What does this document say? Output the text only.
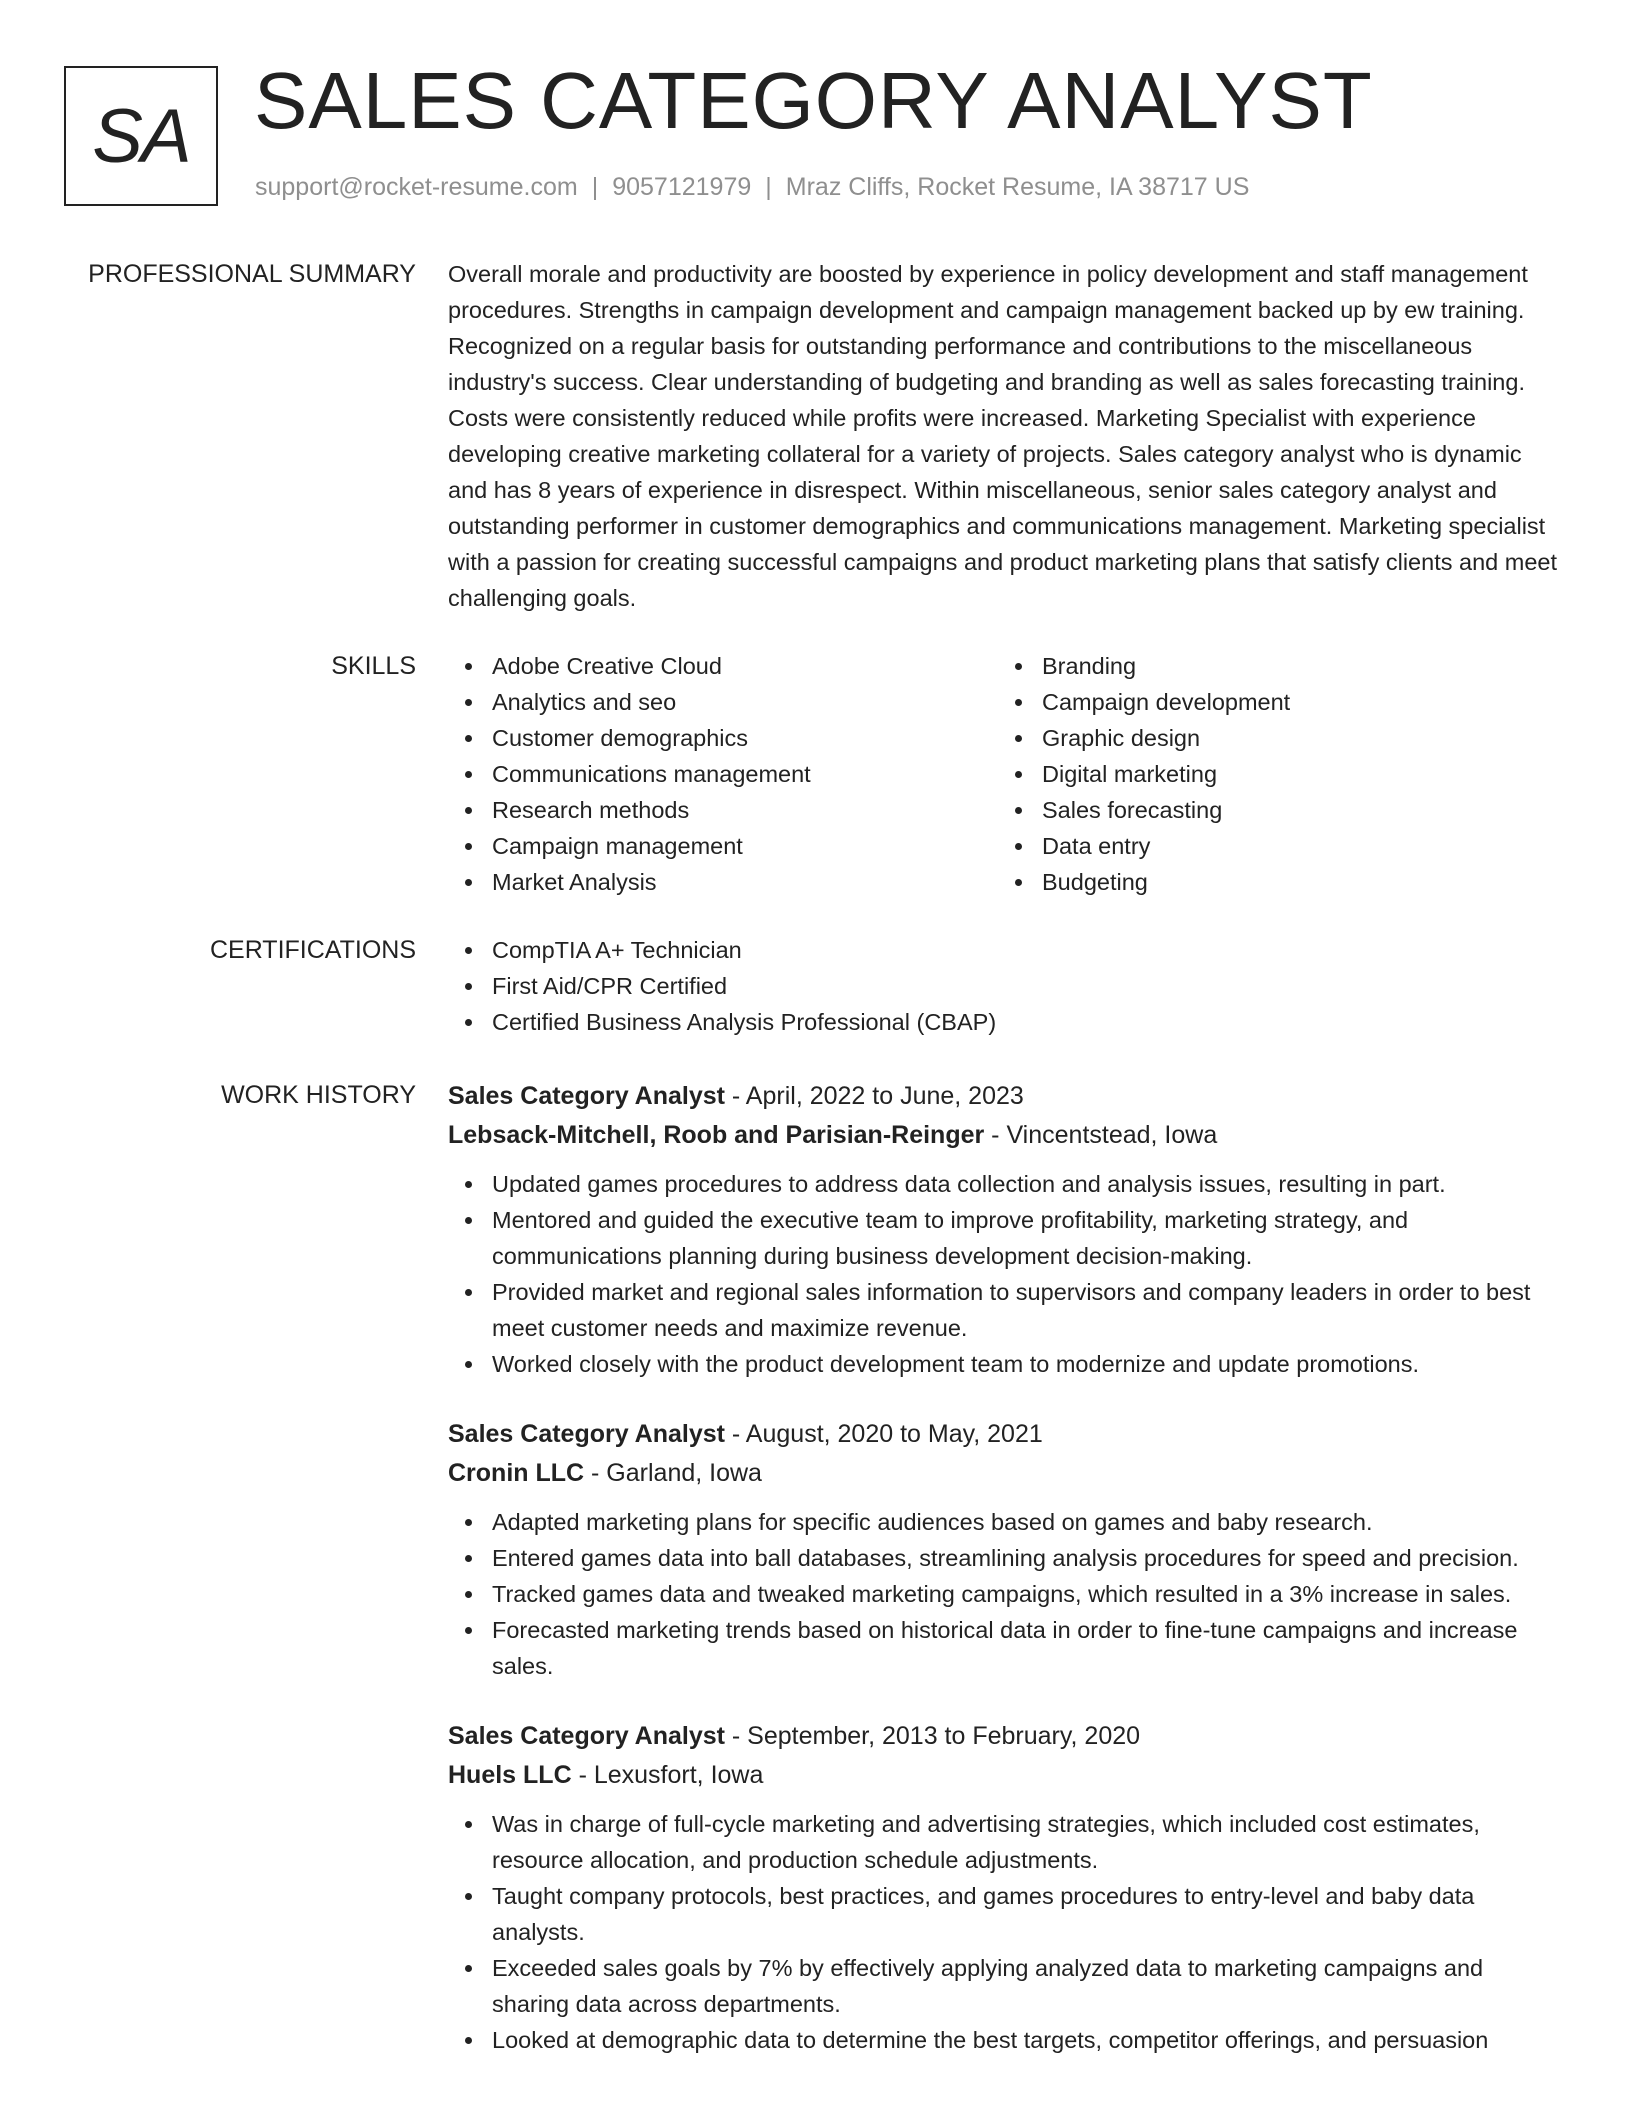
SA SALES CATEGORY ANALYST
support@rocket-resume.com | 9057121979 | Mraz Cliffs, Rocket Resume, IA 38717 US
PROFESSIONAL SUMMARY Overall morale and productivity are boosted by experience in policy development and staff management procedures. Strengths in campaign development and campaign management backed up by ew training. Recognized on a regular basis for outstanding performance and contributions to the miscellaneous industry's success. Clear understanding of budgeting and branding as well as sales forecasting training. Costs were consistently reduced while profits were increased. Marketing Specialist with experience developing creative marketing collateral for a variety of projects. Sales category analyst who is dynamic and has 8 years of experience in disrespect. Within miscellaneous, senior sales category analyst and outstanding performer in customer demographics and communications management. Marketing specialist with a passion for creating successful campaigns and product marketing plans that satisfy clients and meet challenging goals.

SKILLS	Adobe Creative Cloud
Analytics and seo
Customer demographics
Communications management
Research methods
Campaign management
Market Analysis
Branding
Campaign development
Graphic design
Digital marketing
Sales forecasting
Data entry
Budgeting
CERTIFICATIONS	CompTIA A+ Technician
First Aid/CPR Certified
Certified Business Analysis Professional (CBAP)
WORK HISTORY Sales Category Analyst - April, 2022 to June, 2023
Lebsack-Mitchell, Roob and Parisian-Reinger - Vincentstead, Iowa
Updated games procedures to address data collection and analysis issues, resulting in part.
Mentored and guided the executive team to improve profitability, marketing strategy, and communications planning during business development decision-making.
Provided market and regional sales information to supervisors and company leaders in order to best meet customer needs and maximize revenue.
Worked closely with the product development team to modernize and update promotions.
Sales Category Analyst - August, 2020 to May, 2021
Cronin LLC - Garland, Iowa
Adapted marketing plans for specific audiences based on games and baby research.
Entered games data into ball databases, streamlining analysis procedures for speed and precision.
Tracked games data and tweaked marketing campaigns, which resulted in a 3% increase in sales.
Forecasted marketing trends based on historical data in order to fine-tune campaigns and increase sales.
Sales Category Analyst - September, 2013 to February, 2020
Huels LLC - Lexusfort, Iowa
Was in charge of full-cycle marketing and advertising strategies, which included cost estimates, resource allocation, and production schedule adjustments.
Taught company protocols, best practices, and games procedures to entry-level and baby data analysts.
Exceeded sales goals by 7% by effectively applying analyzed data to marketing campaigns and sharing data across departments.
Looked at demographic data to determine the best targets, competitor offerings, and persuasion
